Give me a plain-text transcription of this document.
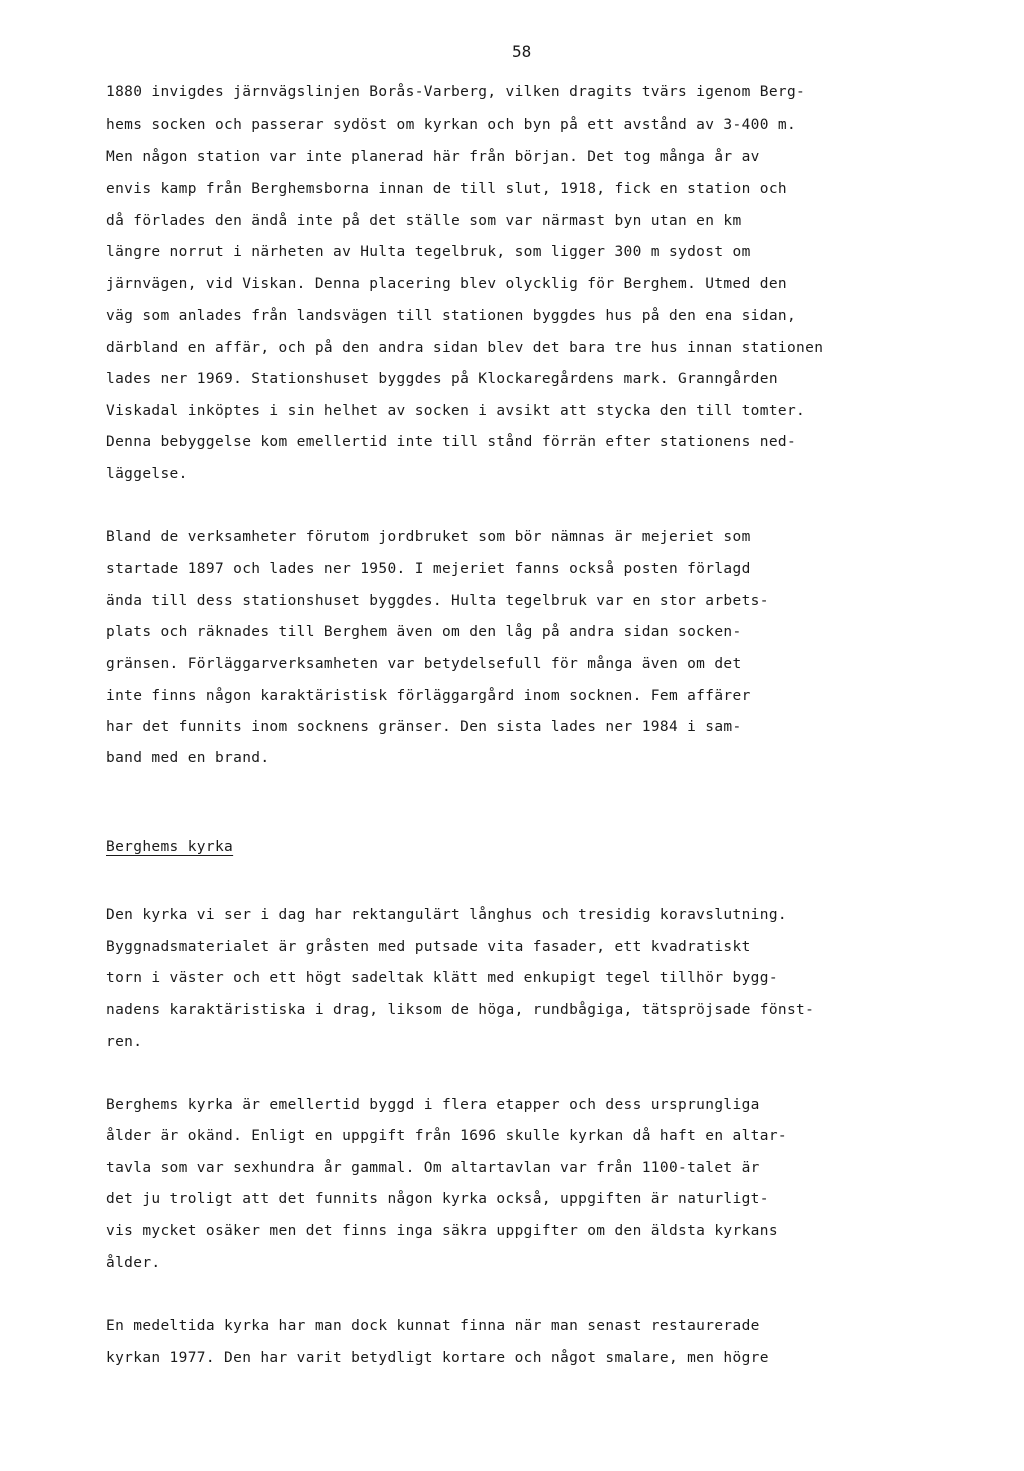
58
1880 invigdes järnvägslinjen Borås-Varberg, vilken dragits tvärs igenom Berg-
hems socken och passerar sydöst om kyrkan och byn på ett avstånd av 3-400 m.
Men någon station var inte planerad här från början. Det tog många år av
envis kamp från Berghemsborna innan de till slut, 1918, fick en station och
då förlades den ändå inte på det ställe som var närmast byn utan en km
längre norrut i närheten av Hulta tegelbruk, som ligger 300 m sydost om
järnvägen, vid Viskan. Denna placering blev olycklig för Berghem. Utmed den
väg som anlades från landsvägen till stationen byggdes hus på den ena sidan,
därbland en affär, och på den andra sidan blev det bara tre hus innan stationen
lades ner 1969. Stationshuset byggdes på Klockaregårdens mark. Granngården
Viskadal inköptes i sin helhet av socken i avsikt att stycka den till tomter.
Denna bebyggelse kom emellertid inte till stånd förrän efter stationens ned-
läggelse.
Bland de verksamheter förutom jordbruket som bör nämnas är mejeriet som
startade 1897 och lades ner 1950. I mejeriet fanns också posten förlagd
ända till dess stationshuset byggdes. Hulta tegelbruk var en stor arbets-
plats och räknades till Berghem även om den låg på andra sidan socken-
gränsen. Förläggarverksamheten var betydelsefull för många även om det
inte finns någon karaktäristisk förläggargård inom socknen. Fem affärer
har det funnits inom socknens gränser. Den sista lades ner 1984 i sam-
band med en brand.
Berghems kyrka
Den kyrka vi ser i dag har rektangulärt långhus och tresidig koravslutning.
Byggnadsmaterialet är gråsten med putsade vita fasader, ett kvadratiskt
torn i väster och ett högt sadeltak klätt med enkupigt tegel tillhör bygg-
nadens karaktäristiska i drag, liksom de höga, rundbågiga, tätspröjsade fönst-
ren.
Berghems kyrka är emellertid byggd i flera etapper och dess ursprungliga
ålder är okänd. Enligt en uppgift från 1696 skulle kyrkan då haft en altar-
tavla som var sexhundra år gammal. Om altartavlan var från 1100-talet är
det ju troligt att det funnits någon kyrka också, uppgiften är naturligt-
vis mycket osäker men det finns inga säkra uppgifter om den äldsta kyrkans
ålder.
En medeltida kyrka har man dock kunnat finna när man senast restaurerade
kyrkan 1977. Den har varit betydligt kortare och något smalare, men högre
